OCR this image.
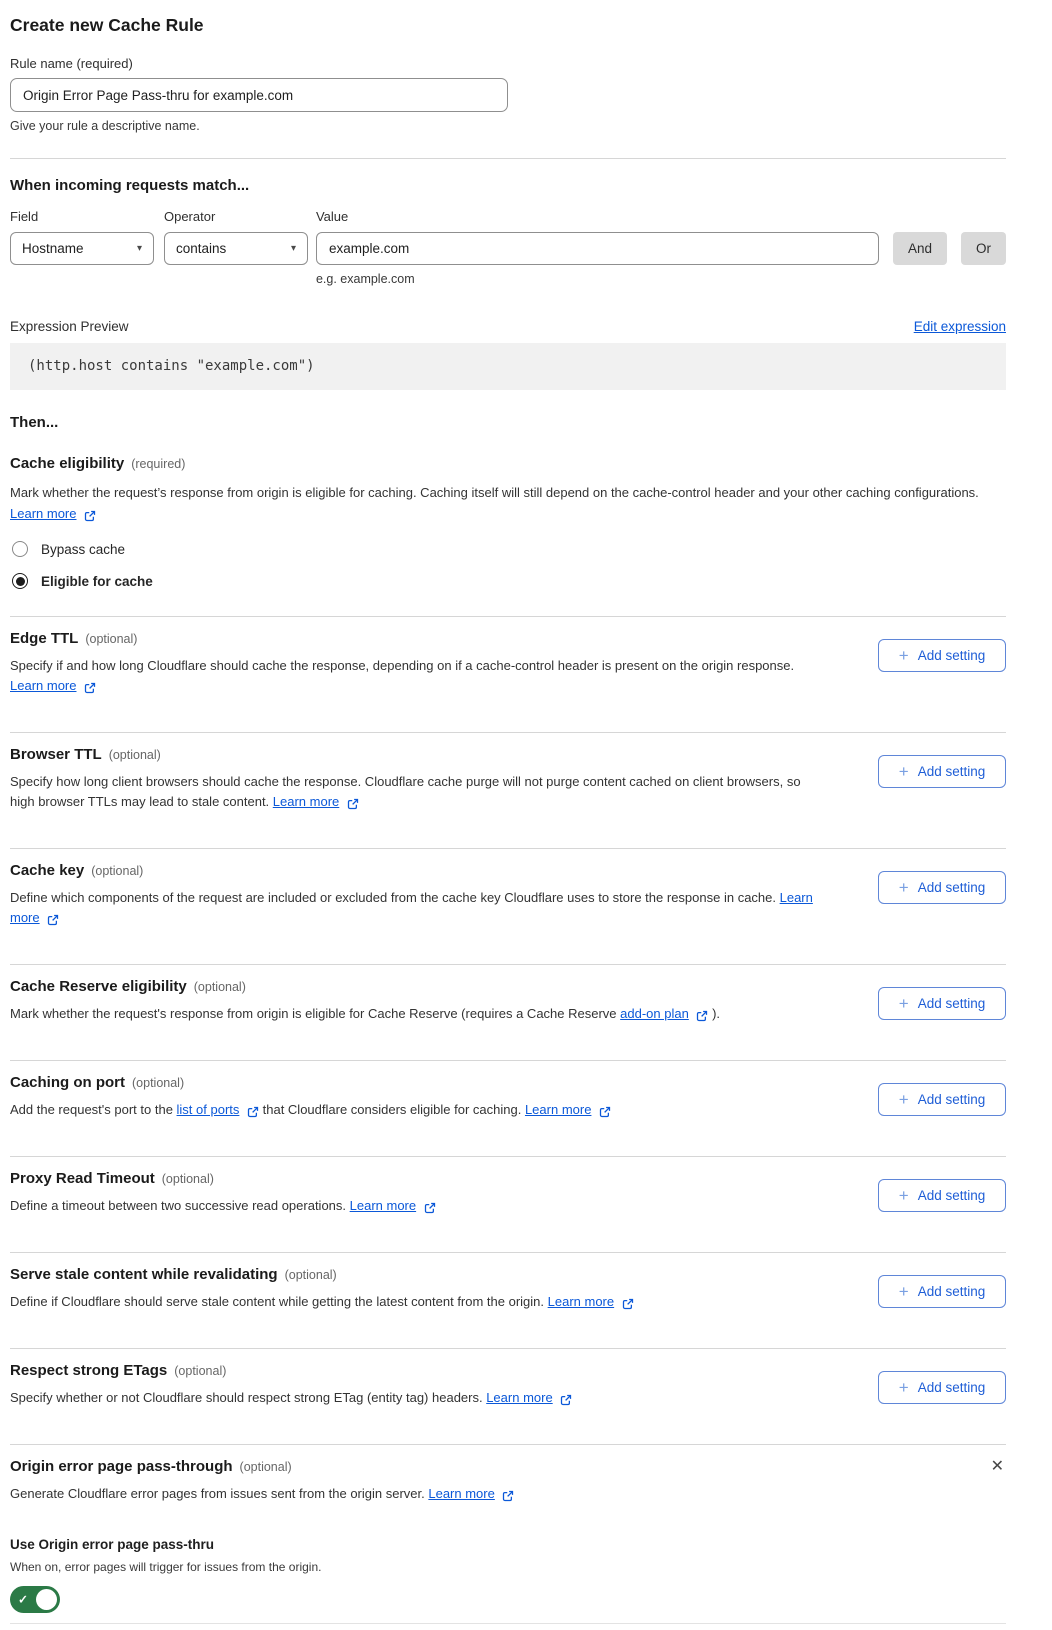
Create new Cache Rule
Rule name (required)
Origin Error Page Pass-thru for example.com
Give your rule a descriptive name.
When incoming requests match...
Field
Hostname	▾
Operator
contains	▾
Value
example.com
e.g. example.com
And	Or
Expression Preview	Edit expression
(http.host contains "example.com")
Then...
Cache eligibility (required)

Mark whether the request’s response from origin is eligible for caching. Caching itself will still depend on the cache-control header and your other caching configurations. Learn more

Bypass cache
Eligible for cache
Edge TTL (optional)

Specify if and how long Cloudflare should cache the response, depending on if a cache-control header is present on the origin response. Learn more

+ Add setting
Browser TTL (optional)

Specify how long client browsers should cache the response. Cloudflare cache purge will not purge content cached on client browsers, so high browser TTLs may lead to stale content. Learn more

+ Add setting
Cache key (optional)

Define which components of the request are included or excluded from the cache key Cloudflare uses to store the response in cache. Learn more

+ Add setting
Cache Reserve eligibility (optional)

Mark whether the request's response from origin is eligible for Cache Reserve (requires a Cache Reserve add-on plan  ).

+ Add setting
Caching on port (optional)

Add the request's port to the list of ports  that Cloudflare considers eligible for caching. Learn more

+ Add setting
Proxy Read Timeout (optional)

Define a timeout between two successive read operations. Learn more

+ Add setting
Serve stale content while revalidating (optional)

Define if Cloudflare should serve stale content while getting the latest content from the origin. Learn more

+ Add setting
Respect strong ETags (optional)

Specify whether or not Cloudflare should respect strong ETag (entity tag) headers. Learn more

+ Add setting
Origin error page pass-through (optional)	✕

Generate Cloudflare error pages from issues sent from the origin server. Learn more

Use Origin error page pass-thru
When on, error pages will trigger for issues from the origin.
✓
